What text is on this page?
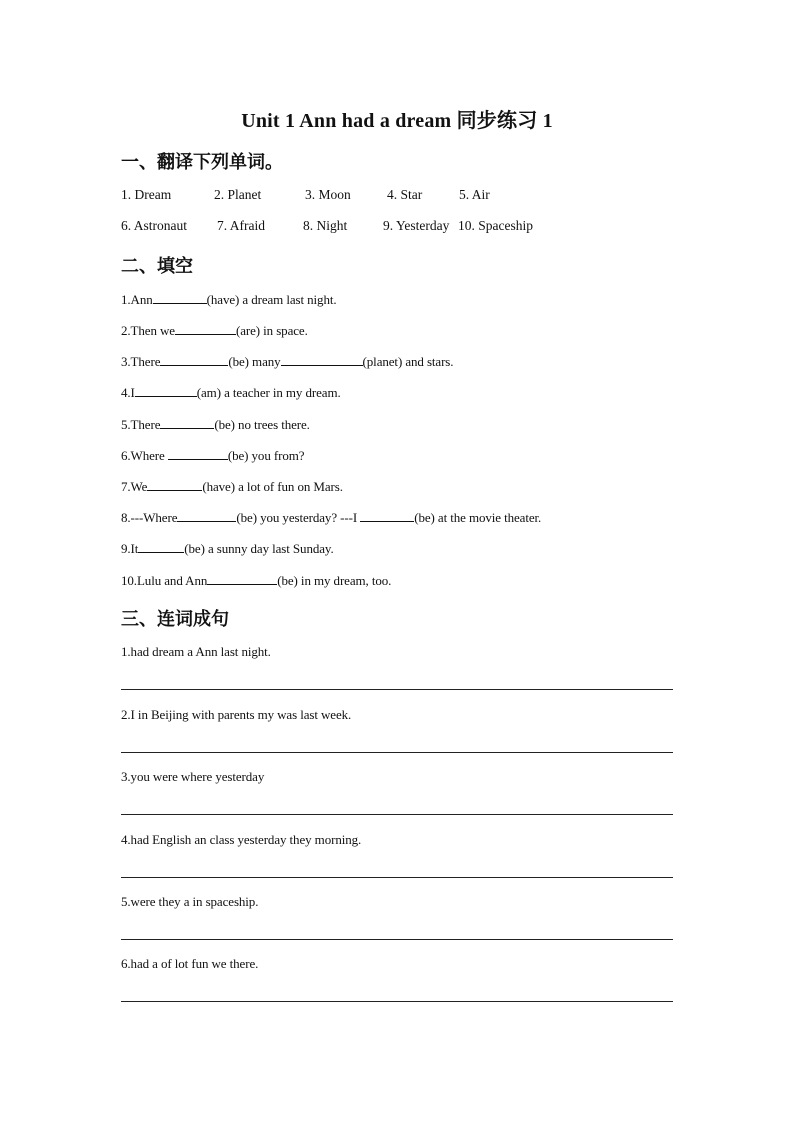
Unit 1 Ann had a dream 同步练习 1
一、翻译下列单词。
1. Dream	2. Planet	3. Moon	4. Star	5. Air
6. Astronaut 7. Afraid	8. Night	9. Yesterday 10. Spaceship
二、填空
1.Ann	(have) a dream last night.
2.Then we	(are) in space.
3.There	(be) many	(planet) and stars.
4.I	(am) a teacher in my dream.
5.There	(be) no trees there.
6.Where	(be) you from?
7.We	(have) a lot of fun on Mars.
8.---Where	(be) you yesterday? ---I	(be) at the movie theater.
9.It	(be) a sunny day last Sunday.
10.Lulu and Ann	(be) in my dream, too.
三、连词成句
1.had dream a Ann last night.
2.I in Beijing with parents my was last week.
3.you were where yesterday
4.had English an class yesterday they morning.
5.were they a in spaceship.
6.had a of lot fun we there.
